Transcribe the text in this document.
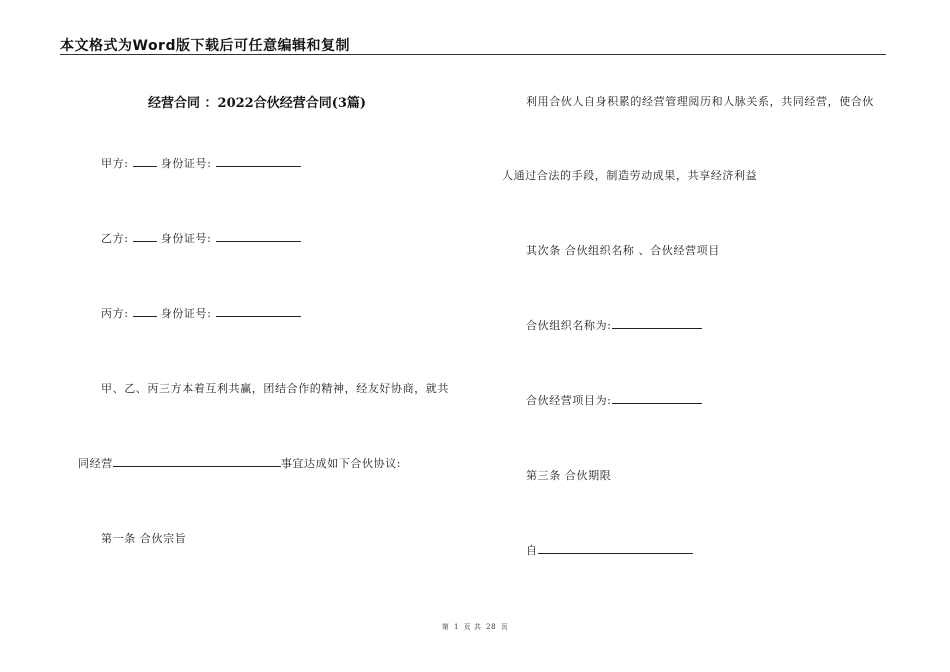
本文格式为Word版下载后可任意编辑和复制
经营合同 ：2022合伙经营合同(3篇)
甲方:	身份证号:
乙方:	身份证号:
丙方:	身份证号:
甲、乙、丙三方本着互利共赢，团结合作的精神，经友好协商，就共
同经营	事宜达成如下合伙协议:
第一条 合伙宗旨
利用合伙人自身积累的经营管理阅历和人脉关系，共同经营，使合伙
人通过合法的手段，制造劳动成果，共享经济利益
其次条 合伙组织名称 、合伙经营项目
合伙组织名称为:
合伙经营项目为:
第三条 合伙期限
自
第 1 页 共 28 页
